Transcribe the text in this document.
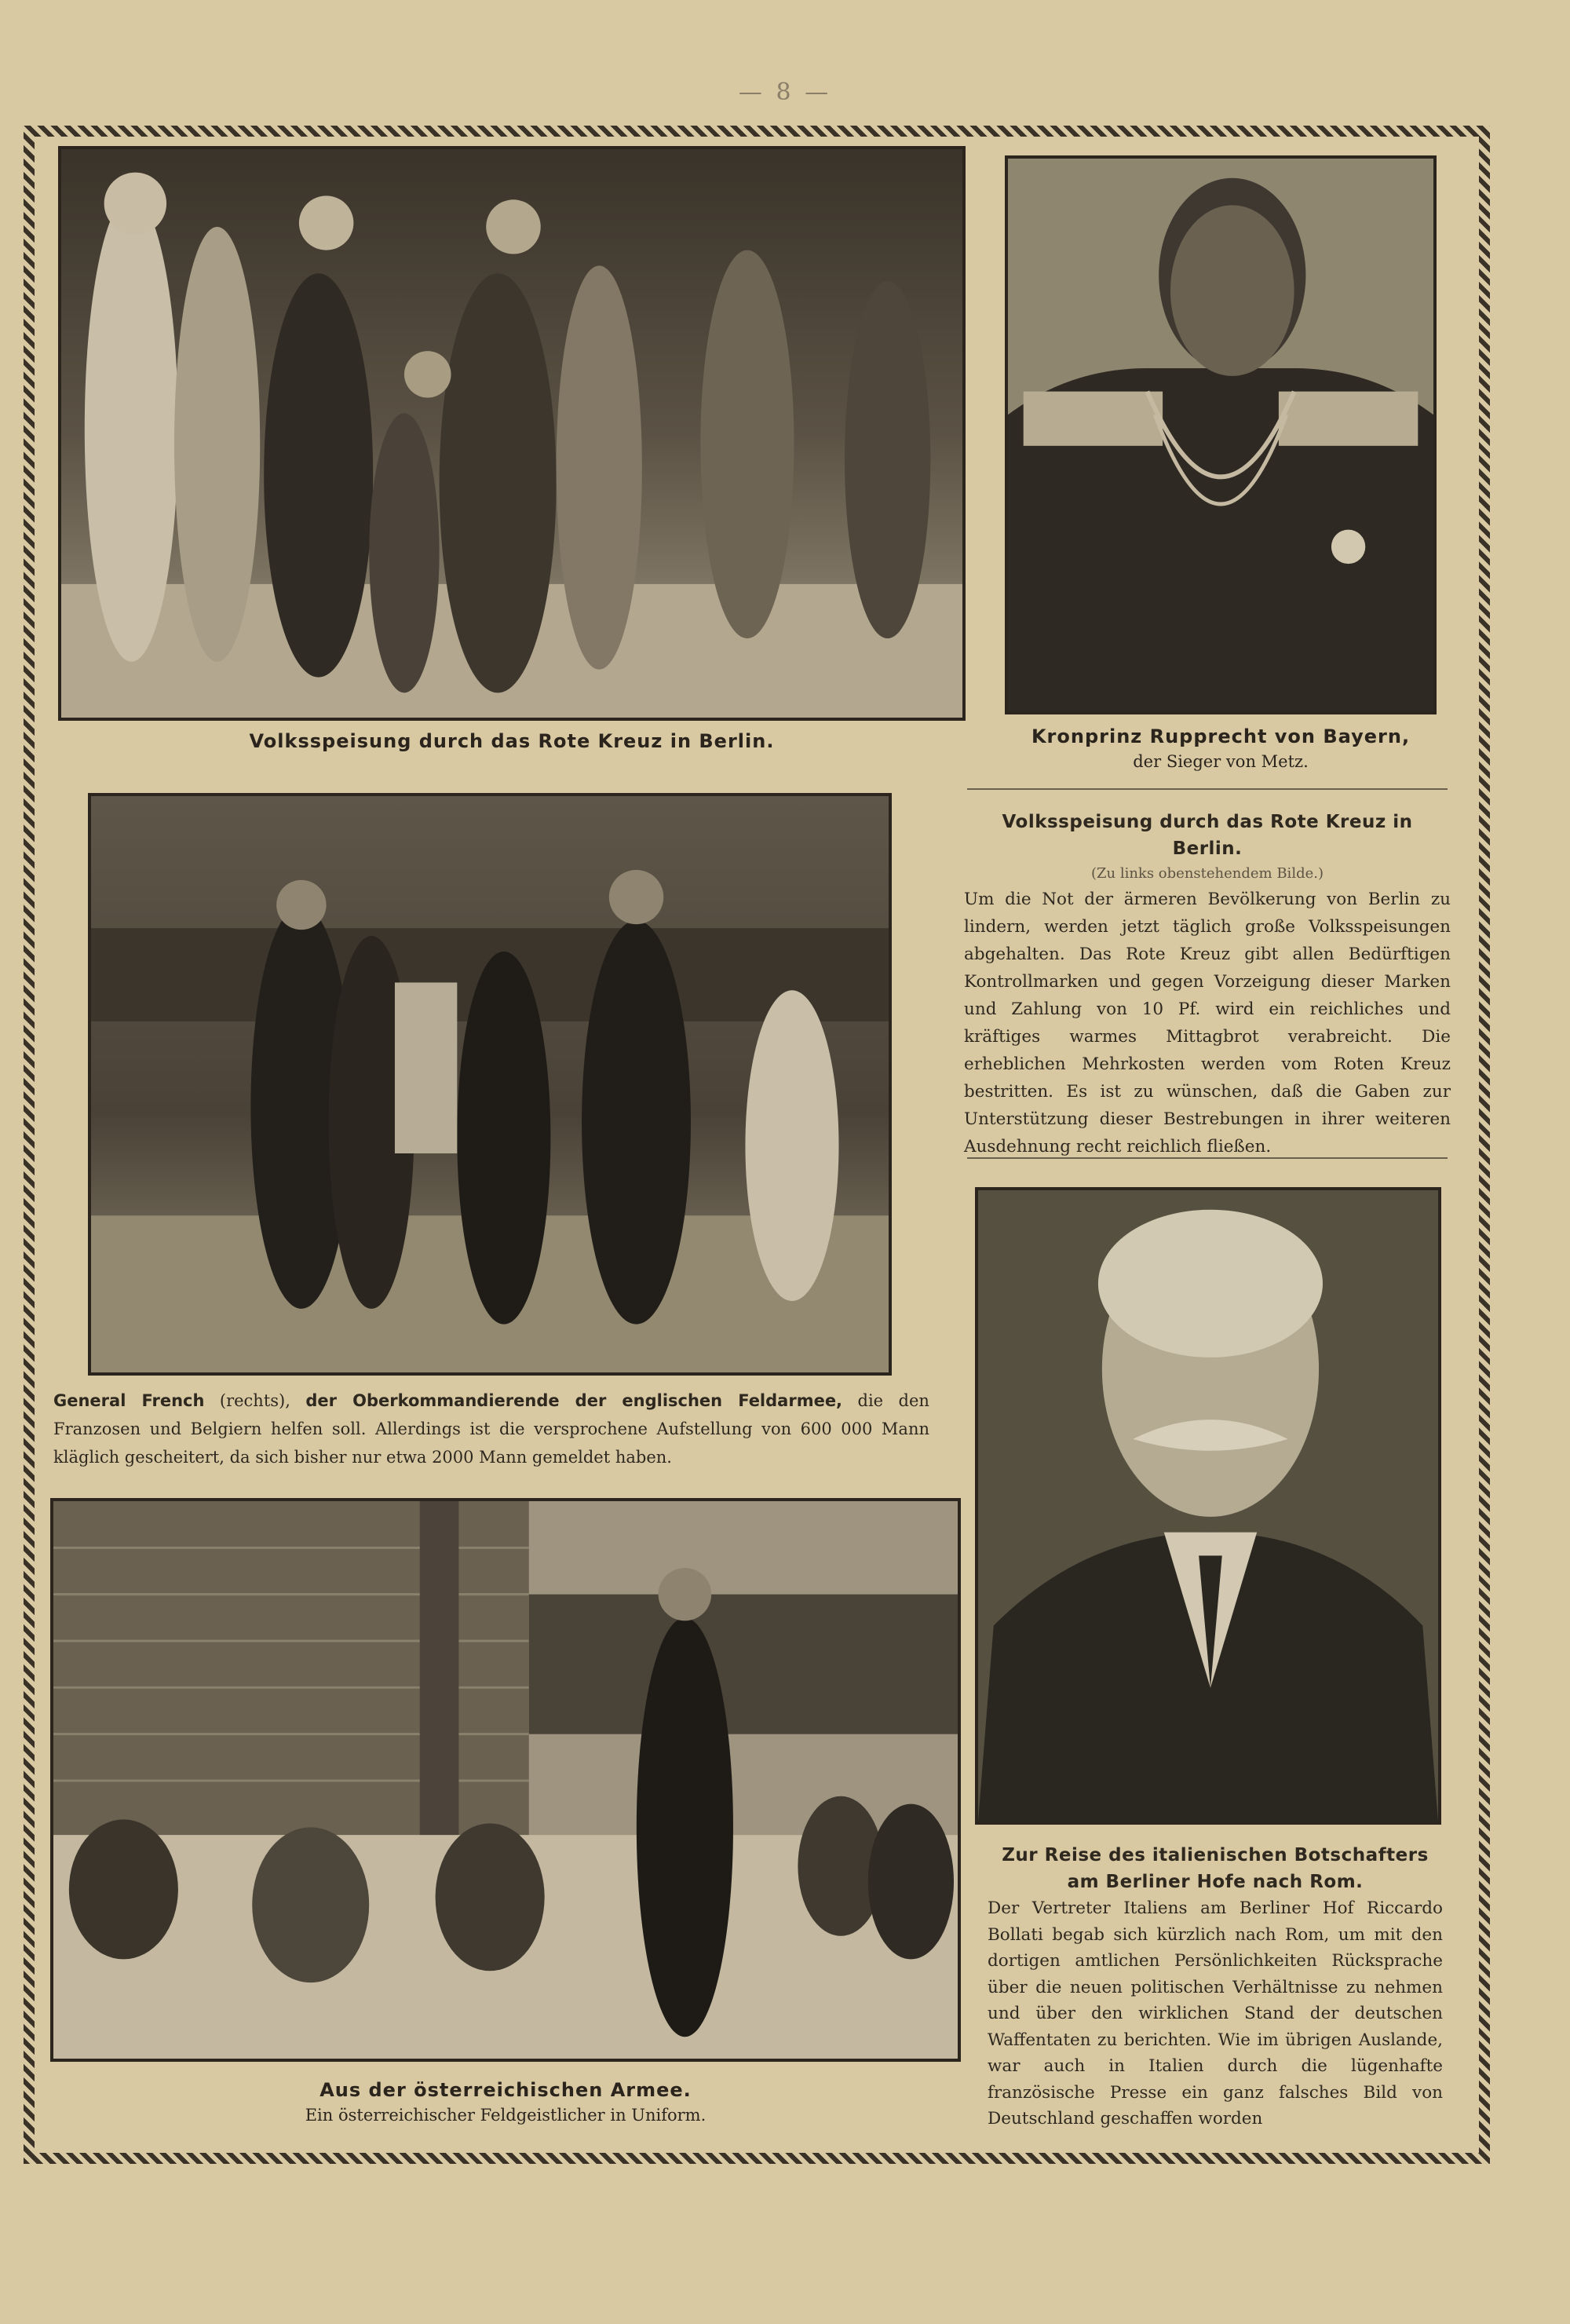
— 8 —
Volksspeisung durch das Rote Kreuz in Berlin.	Kronprinz Rupprecht von Bayern,
der Sieger von Metz.
Volksspeisung durch das Rote Kreuz in Berlin.
(Zu links obenstehendem Bilde.)
Um die Not der ärmeren Bevölkerung von Berlin zu lindern, werden jetzt täglich große Volksspeisungen abgehalten. Das Rote Kreuz gibt allen Bedürftigen Kontrollmarken und gegen Vorzeigung dieser Marken und Zahlung von 10 Pf. wird ein reichliches und kräftiges warmes Mittagbrot verabreicht. Die erheblichen Mehrkosten werden vom Roten Kreuz bestritten. Es ist zu wünschen, daß die Gaben zur Unterstützung dieser Bestrebungen in ihrer weiteren Ausdehnung recht reichlich fließen.
General French (rechts), der Oberkommandierende der englischen Feldarmee, die den Franzosen und Belgiern helfen soll. Allerdings ist die versprochene Aufstellung von 600 000 Mann kläglich gescheitert, da sich bisher nur etwa 2000 Mann gemeldet haben.
Zur Reise des italienischen Botschafters am Berliner Hofe nach Rom.
Der Vertreter Italiens am Berliner Hof Riccardo Bollati begab sich kürzlich nach Rom, um mit den dortigen amtlichen Persönlichkeiten Rücksprache über die neuen politischen Verhältnisse zu nehmen und über den wirklichen Stand der deutschen Waffentaten zu berichten. Wie im übrigen Auslande, war auch in Italien durch die lügenhafte französische Presse ein ganz falsches Bild von Deutschland geschaffen worden
Aus der österreichischen Armee.
Ein österreichischer Feldgeistlicher in Uniform.
